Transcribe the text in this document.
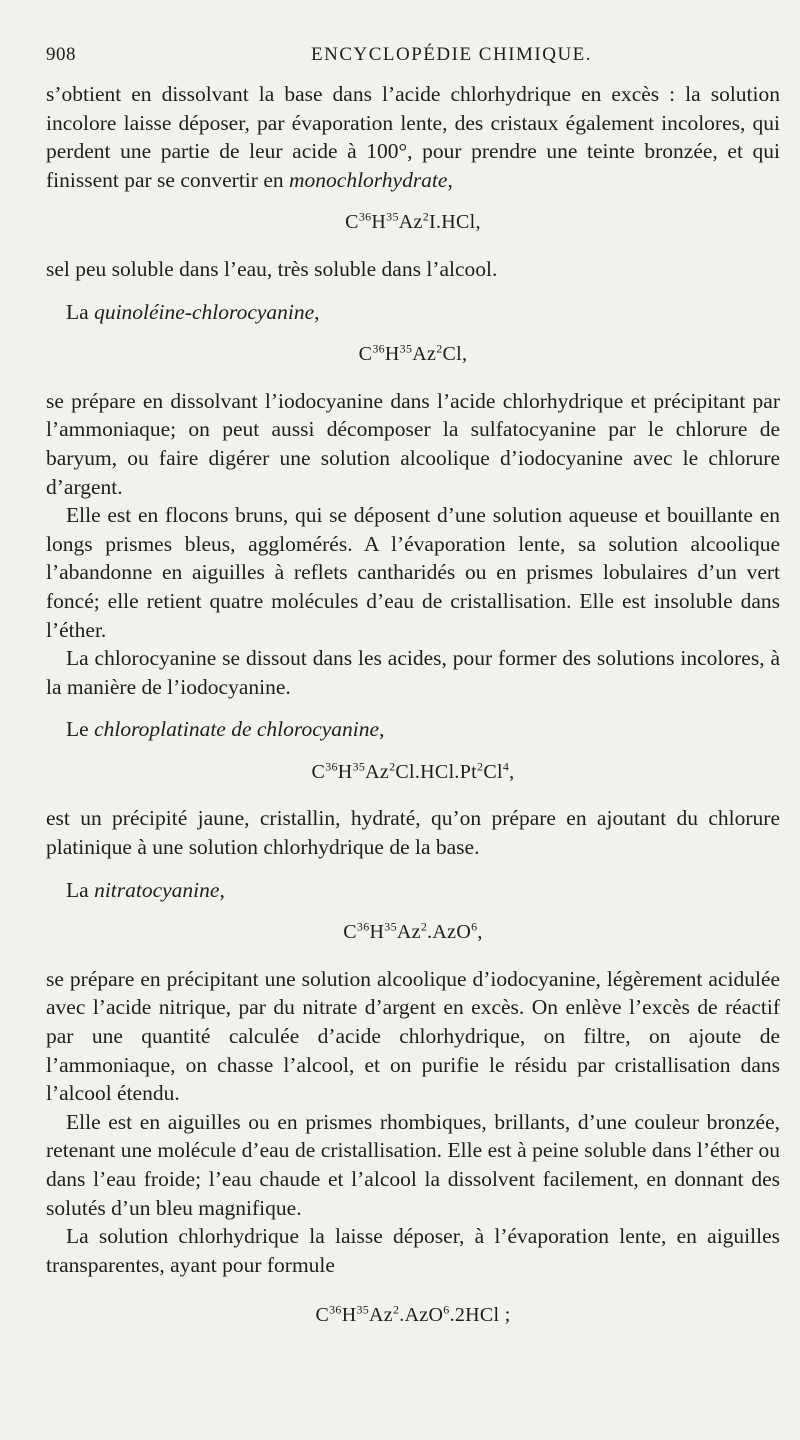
908	ENCYCLOPÉDIE CHIMIQUE.

s’obtient en dissolvant la base dans l’acide chlorhydrique en excès : la solution incolore laisse déposer, par évaporation lente, des cristaux également incolores, qui perdent une partie de leur acide à 100°, pour prendre une teinte bronzée, et qui finissent par se convertir en monochlorhydrate,

$C^{36}H^{35}Az^2I.HCl$,

sel peu soluble dans l’eau, très soluble dans l’alcool.

La quinoléine-chlorocyanine,

$C^{36}H^{35}Az^2Cl$,

se prépare en dissolvant l’iodocyanine dans l’acide chlorhydrique et précipitant par l’ammoniaque; on peut aussi décomposer la sulfatocyanine par le chlorure de baryum, ou faire digérer une solution alcoolique d’iodocyanine avec le chlorure d’argent.

Elle est en flocons bruns, qui se déposent d’une solution aqueuse et bouillante en longs prismes bleus, agglomérés. A l’évaporation lente, sa solution alcoolique l’abandonne en aiguilles à reflets cantharidés ou en prismes lobulaires d’un vert foncé; elle retient quatre molécules d’eau de cristallisation. Elle est insoluble dans l’éther.

La chlorocyanine se dissout dans les acides, pour former des solutions incolores, à la manière de l’iodocyanine.

Le chloroplatinate de chlorocyanine,

$C^{36}H^{35}Az^2Cl.HCl.Pt^2Cl^4$,

est un précipité jaune, cristallin, hydraté, qu’on prépare en ajoutant du chlorure platinique à une solution chlorhydrique de la base.

La nitratocyanine,

$C^{36}H^{35}Az^2.AzO^6$,

se prépare en précipitant une solution alcoolique d’iodocyanine, légèrement acidulée avec l’acide nitrique, par du nitrate d’argent en excès. On enlève l’excès de réactif par une quantité calculée d’acide chlorhydrique, on filtre, on ajoute de l’ammoniaque, on chasse l’alcool, et on purifie le résidu par cristallisation dans l’alcool étendu.

Elle est en aiguilles ou en prismes rhombiques, brillants, d’une couleur bronzée, retenant une molécule d’eau de cristallisation. Elle est à peine soluble dans l’éther ou dans l’eau froide; l’eau chaude et l’alcool la dissolvent facilement, en donnant des solutés d’un bleu magnifique.

La solution chlorhydrique la laisse déposer, à l’évaporation lente, en aiguilles transparentes, ayant pour formule

$C^{36}H^{35}Az^2.AzO^6.2HCl$ ;
